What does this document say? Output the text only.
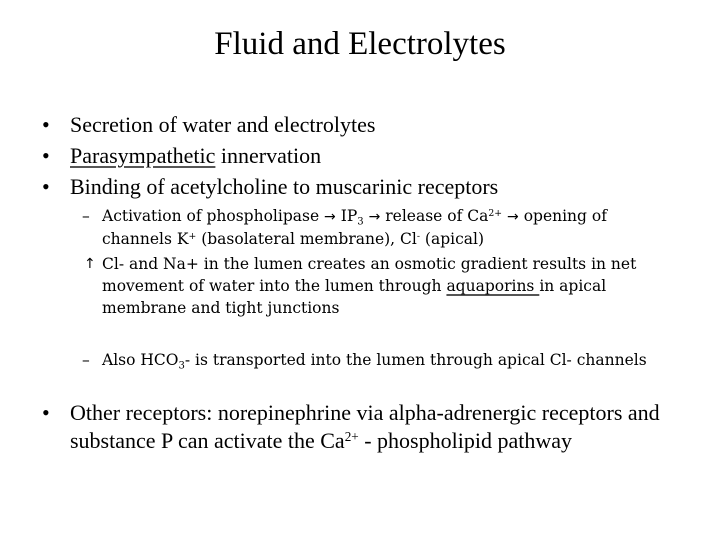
Fluid and Electrolytes
• Secretion of water and electrolytes
• Parasympathetic innervation
• Binding of acetylcholine to muscarinic receptors
– Activation of phospholipase → $IP_3$ → release of $Ca^{2+}$ → opening of channels K+ (basolateral membrane), Cl- (apical)
↑ Cl- and Na+ in the lumen creates an osmotic gradient results in net movement of water into the lumen through aquaporins in apical membrane and tight junctions
– Also $HCO_3-$ is transported into the lumen through apical Cl- channels
• Other receptors: norepinephrine via alpha-adrenergic receptors and substance P can activate the $Ca^{2+}$ - phospholipid pathway
